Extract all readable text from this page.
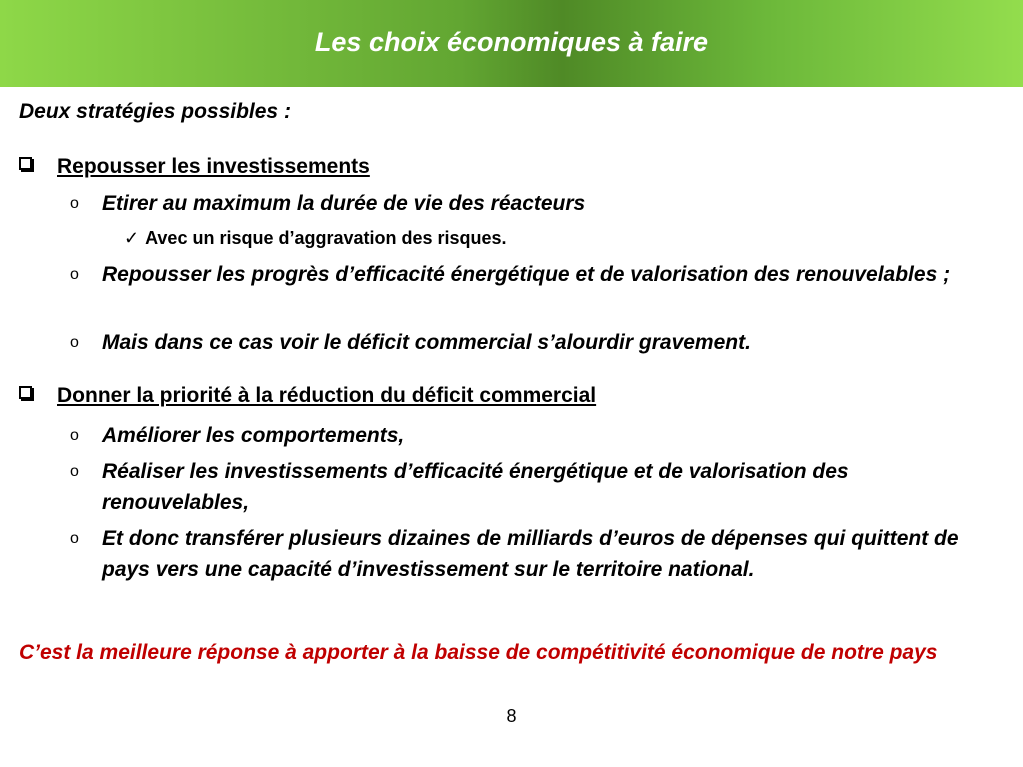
Les choix économiques à faire
Deux stratégies possibles :
Repousser les investissements
o Etirer au maximum la durée de vie des réacteurs
✓ Avec un risque d’aggravation des risques.
o Repousser les progrès d’efficacité énergétique et de valorisation des renouvelables ;
o Mais dans ce cas voir le déficit commercial s’alourdir gravement.
Donner la priorité à la réduction du déficit commercial
o Améliorer les comportements,
o Réaliser les investissements d’efficacité énergétique et de valorisation des renouvelables,
o Et donc transférer plusieurs dizaines de milliards d’euros de dépenses qui quittent de pays vers une capacité d’investissement sur le territoire national.
C’est la meilleure réponse à apporter à la baisse de compétitivité économique de notre pays
8
